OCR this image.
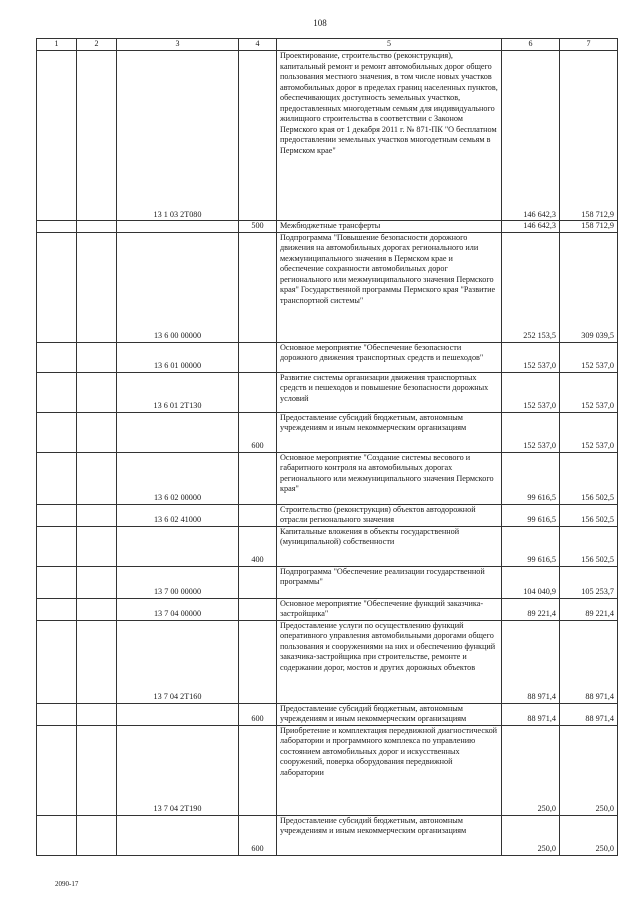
108
1	2	3	4	5	6	7
		13 1 03 2Т080		Проектирование, строительство (реконструкция), капитальный ремонт и ремонт автомобильных дорог общего пользования местного значения, в том числе новых участков автомобильных дорог в пределах границ населенных пунктов, обеспечивающих доступность земельных участков, предоставленных многодетным семьям для индивидуального жилищного строительства в соответствии с Законом Пермского края от 1 декабря 2011 г. № 871-ПК "О бесплатном предоставлении земельных участков многодетным семьям в Пермском крае"	146 642,3	158 712,9
			500	Межбюджетные трансферты	146 642,3	158 712,9
		13 6 00 00000		Подпрограмма "Повышение безопасности дорожного движения на автомобильных дорогах регионального или межмуниципального значения в Пермском крае и обеспечение сохранности автомобильных дорог регионального или межмуниципального значения Пермского края" Государственной программы Пермского края "Развитие транспортной системы"	252 153,5	309 039,5
		13 6 01 00000		Основное мероприятие "Обеспечение безопасности дорожного движения транспортных средств и пешеходов"	152 537,0	152 537,0
		13 6 01 2Т130		Развитие системы организации движения транспортных средств и пешеходов и повышение безопасности дорожных условий	152 537,0	152 537,0
			600	Предоставление субсидий бюджетным, автономным учреждениям и иным некоммерческим организациям	152 537,0	152 537,0
		13 6 02 00000		Основное мероприятие "Создание системы весового и габаритного контроля на автомобильных дорогах регионального или межмуниципального значения Пермского края"	99 616,5	156 502,5
		13 6 02 41000		Строительство (реконструкция) объектов автодорожной отрасли регионального значения	99 616,5	156 502,5
			400	Капитальные вложения в объекты государственной (муниципальной) собственности	99 616,5	156 502,5
		13 7 00 00000		Подпрограмма "Обеспечение реализации государственной программы"	104 040,9	105 253,7
		13 7 04 00000		Основное мероприятие "Обеспечение функций заказчика-застройщика"	89 221,4	89 221,4
		13 7 04 2Т160		Предоставление услуги по осуществлению функций оперативного управления автомобильными дорогами общего пользования и сооружениями на них и обеспечению функций заказчика-застройщика при строительстве, ремонте и содержании дорог, мостов и других дорожных объектов	88 971,4	88 971,4
			600	Предоставление субсидий бюджетным, автономным учреждениям и иным некоммерческим организациям	88 971,4	88 971,4
		13 7 04 2Т190		Приобретение и комплектация передвижной диагностической лаборатории и программного комплекса по управлению состоянием автомобильных дорог и искусственных сооружений, поверка оборудования передвижной лаборатории	250,0	250,0
			600	Предоставление субсидий бюджетным, автономным учреждениям и иным некоммерческим организациям	250,0	250,0
2090-17
